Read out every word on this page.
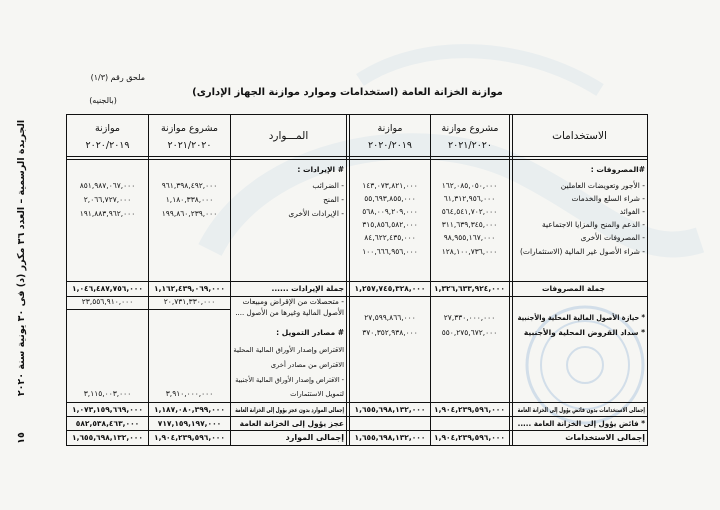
الجريدة الرسمية – العدد ٣٦ مكرر (د) فى ٣٠ يونية سنة ٢٠٢٠
١٥
ملحق رقم (١/٣)
(بالجنيه)
موازنة الخزانة العامة (استخدامات وموارد موازنة الجهاز الإدارى)
الاستخدامات
مشروع موازنة
٢٠٢١/٢٠٢٠
موازنة
٢٠٢٠/٢٠١٩
المـــوارد
مشروع موازنة
٢٠٢١/٢٠٢٠
موازنة
٢٠٢٠/٢٠١٩
#المصروفات :
- الأجور وتعويضات العاملين
١٦٢,٠٨٥,٠٥٠,٠٠٠
١٤٣,٠٧٣,٨٢١,٠٠٠
- شراء السلع والخدمات
٦١,٣١٢,٩٥٦,٠٠٠
٥٥,٦٩٣,٨٥٥,٠٠٠
- الفوائد
٥٦٤,٥٤١,٧٠٢,٠٠٠
٥٦٨,٠٠٩,٢٠٩,٠٠٠
- الدعم والمنح والمزايا الاجتماعية
٣١١,٦٣٩,٣٤٥,٠٠٠
٣١٥,٨٥٦,٥٨٢,٠٠٠
- المصروفات الأخرى
٩٨,٩٥٥,١٦٧,٠٠٠
٨٤,٦٢٢,٤٣٥,٠٠٠
- شراء الأصول غير المالية (الاستثمارات)
١٢٨,١٠٠,٧٣٦,٠٠٠
١٠٠,٦٦٦,٩٥٦,٠٠٠
جملة المصروفات
١,٣٢٦,٦٣٣,٩٢٤,٠٠٠
١,٢٥٧,٧٤٥,٣٢٨,٠٠٠
* حيازة الأصول المالية المحلية والأجنبية
٢٧,٣٣٠,٠٠٠,٠٠٠
٢٧,٥٩٩,٨٦٦,٠٠٠
* سداد القروض المحلية والأجنبية
٥٥٠,٢٧٥,٦٧٢,٠٠٠
٣٧٠,٣٥٢,٩٣٨,٠٠٠
إجمالى الاستخدامات بدون فائض يؤول إلى الخزانة العامة
١,٩٠٤,٢٣٩,٥٩٦,٠٠٠
١,٦٥٥,٦٩٨,١٣٢,٠٠٠
* فائض يؤول إلى الخزانة العامة .....
إجمالى الاستخدامات
١,٩٠٤,٢٣٩,٥٩٦,٠٠٠
١,٦٥٥,٦٩٨,١٣٢,٠٠٠
# الإيرادات :
- الضرائب
٩٦١,٣٩٨,٤٩٢,٠٠٠
٨٥١,٩٨٧,٠٦٧,٠٠٠
- المنح
١,١٨٠,٣٣٨,٠٠٠
٢,٠٦٦,٧٢٧,٠٠٠
- الإيرادات الأخرى
١٩٩,٨٦٠,٢٣٩,٠٠٠
١٩١,٨٨٣,٩٦٢,٠٠٠
جملة الإيرادات ......
١,١٦٢,٤٣٩,٠٦٩,٠٠٠
١,٠٤٦,٤٨٧,٧٥٦,٠٠٠
- متحصلات من الإقراض ومبيعات
الأصول المالية وغيرها من الأصول ....
٢٠,٧٣١,٣٣٠,٠٠٠
٢٣,٥٥٦,٩١٠,٠٠٠
# مصادر التمويل :
الاقتراض وإصدار الأوراق المالية المحلية
الاقتراض من مصادر أخرى
- الاقتراض وإصدار الأوراق المالية الأجنبية
لتمويل الاستثمارات
٣,٩١٠,٠٠٠,٠٠٠
٣,١١٥,٠٠٣,٠٠٠
إجمالى الموارد بدون عجز يؤول إلى الخزانة العامة
١,١٨٧,٠٨٠,٣٩٩,٠٠٠
١,٠٧٣,١٥٩,٦٦٩,٠٠٠
عجز يؤول إلى الخزانة العامة
٧١٧,١٥٩,١٩٧,٠٠٠
٥٨٢,٥٣٨,٤٦٣,٠٠٠
إجمالى الموارد
١,٩٠٤,٢٣٩,٥٩٦,٠٠٠
١,٦٥٥,٦٩٨,١٣٢,٠٠٠
